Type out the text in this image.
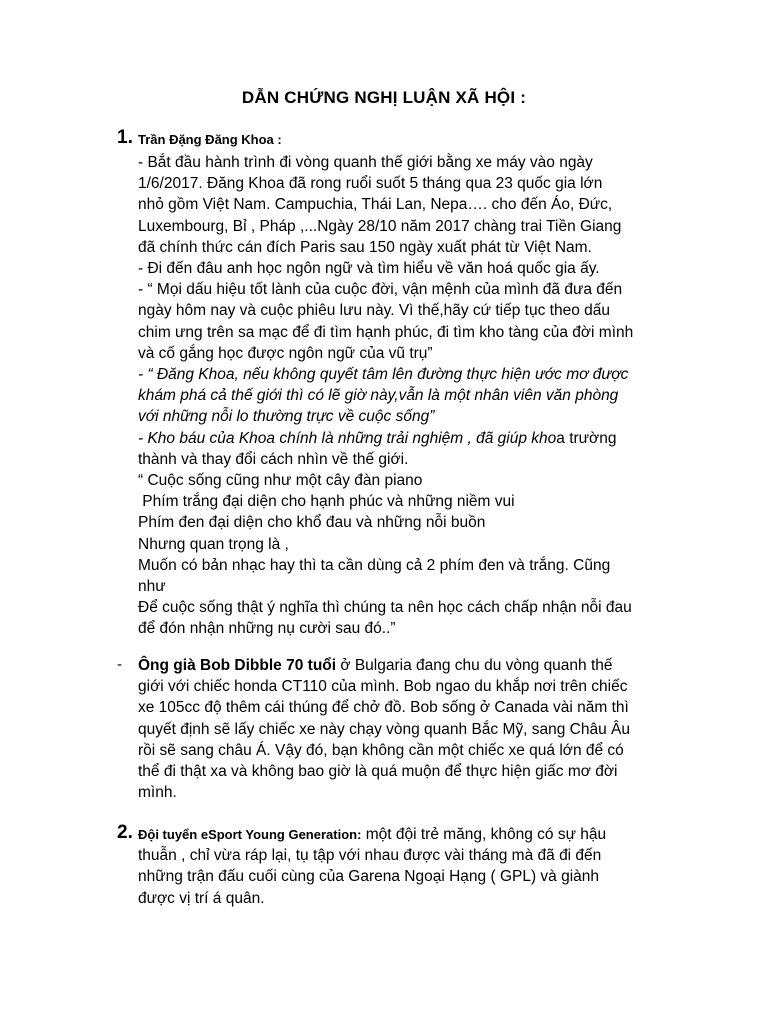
DẪN CHỨNG NGHỊ LUẬN XÃ HỘI :
1. Trần Đặng Đăng Khoa :
- Bắt đầu hành trình đi vòng quanh thế giới bằng xe máy vào ngày
1/6/2017. Đăng Khoa đã rong ruổi suốt 5 tháng qua 23 quốc gia lớn
nhỏ gồm Việt Nam. Campuchia, Thái Lan, Nepa…. cho đến Áo, Đức,
Luxembourg, Bỉ , Pháp ,...Ngày 28/10 năm 2017 chàng trai Tiền Giang
đã chính thức cán đích Paris sau 150 ngày xuất phát từ Việt Nam.
- Đi đến đâu anh học ngôn ngữ và tìm hiểu về văn hoá quốc gia ấy.
- “ Mọi dấu hiệu tốt lành của cuộc đời, vận mệnh của mình đã đưa đến
ngày hôm nay và cuộc phiêu lưu này. Vì thế,hãy cứ tiếp tục theo dấu
chim ưng trên sa mạc để đi tìm hạnh phúc, đi tìm kho tàng của đời mình
và cố gắng học được ngôn ngữ của vũ trụ”
- “ Đăng Khoa, nếu không quyết tâm lên đường thực hiện ước mơ được
khám phá cả thế giới thì có lẽ giờ này,vẫn là một nhân viên văn phòng
với những nỗi lo thường trực về cuộc sống”
- Kho báu của Khoa chính là những trải nghiệm , đã giúp khoa trường
thành và thay đổi cách nhìn về thế giới.
“ Cuộc sống cũng như một cây đàn piano
Phím trắng đại diện cho hạnh phúc và những niềm vui
Phím đen đại diện cho khổ đau và những nỗi buồn
Nhưng quan trọng là ,
Muốn có bản nhạc hay thì ta cần dùng cả 2 phím đen và trắng. Cũng
như
Để cuộc sống thật ý nghĩa thì chúng ta nên học cách chấp nhận nỗi đau
để đón nhận những nụ cười sau đó..”
- Ông già Bob Dibble 70 tuổi ở Bulgaria đang chu du vòng quanh thế
giới với chiếc honda CT110 của mình. Bob ngao du khắp nơi trên chiếc
xe 105cc độ thêm cái thúng để chở đồ. Bob sống ở Canada vài năm thì
quyết định sẽ lấy chiếc xe này chạy vòng quanh Bắc Mỹ, sang Châu Âu
rồi sẽ sang châu Á. Vậy đó, bạn không cần một chiếc xe quá lớn để có
thể đi thật xa và không bao giờ là quá muộn để thực hiện giấc mơ đời
mình.
2. Đội tuyển eSport Young Generation: một đội trẻ măng, không có sự hậu
thuẫn , chỉ vừa ráp lại, tụ tập với nhau được vài tháng mà đã đi đến
những trận đấu cuối cùng của Garena Ngoại Hạng ( GPL) và giành
được vị trí á quân.
